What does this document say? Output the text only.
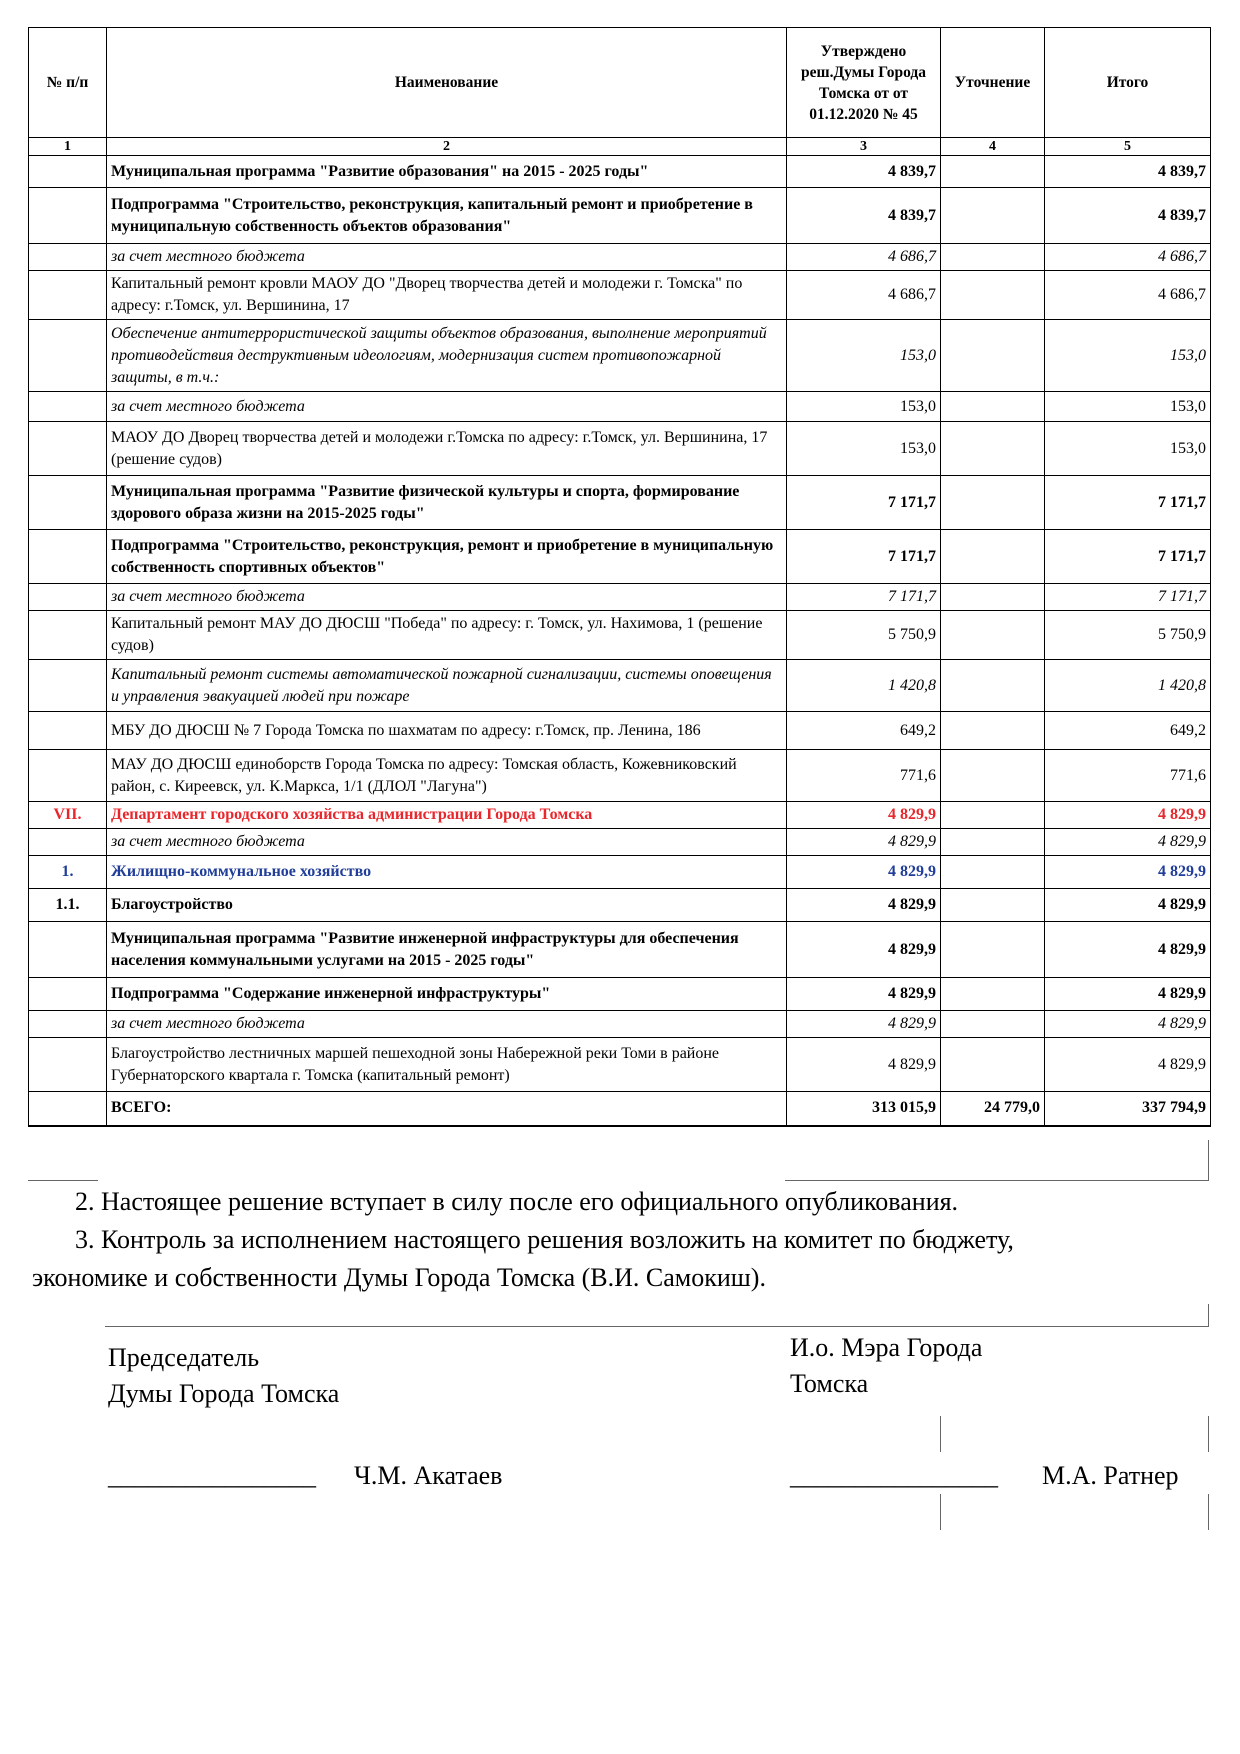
№ п/п	Наименование	Утверждено реш.Думы Города Томска от от 01.12.2020 № 45	Уточнение	Итого
1	2	3	4	5
	Муниципальная программа "Развитие образования" на 2015 - 2025 годы"	4 839,7		4 839,7
	Подпрограмма "Строительство, реконструкция, капитальный ремонт и приобретение в муниципальную собственность объектов образования"	4 839,7		4 839,7
	за счет местного бюджета	4 686,7		4 686,7
	Капитальный ремонт кровли МАОУ ДО "Дворец творчества детей и молодежи г. Томска" по адресу: г.Томск, ул. Вершинина, 17	4 686,7		4 686,7
	Обеспечение антитеррористической защиты объектов образования, выполнение мероприятий противодействия деструктивным идеологиям, модернизация систем противопожарной защиты, в т.ч.:	153,0		153,0
	за счет местного бюджета	153,0		153,0
	МАОУ ДО Дворец творчества детей и молодежи г.Томска по адресу: г.Томск, ул. Вершинина, 17 (решение судов)	153,0		153,0
	Муниципальная программа "Развитие физической культуры и спорта, формирование здорового образа жизни на 2015-2025 годы"	7 171,7		7 171,7
	Подпрограмма "Строительство, реконструкция, ремонт и приобретение в муниципальную собственность спортивных объектов"	7 171,7		7 171,7
	за счет местного бюджета	7 171,7		7 171,7
	Капитальный ремонт МАУ ДО ДЮСШ "Победа" по адресу: г. Томск, ул. Нахимова, 1 (решение судов)	5 750,9		5 750,9
	Капитальный ремонт системы автоматической пожарной сигнализации, системы оповещения и управления эвакуацией людей при пожаре	1 420,8		1 420,8
	МБУ ДО ДЮСШ № 7 Города Томска по шахматам по адресу: г.Томск, пр. Ленина, 186	649,2		649,2
	МАУ ДО ДЮСШ единоборств Города Томска по адресу: Томская область, Кожевниковский район, с. Киреевск, ул. К.Маркса, 1/1 (ДЛОЛ "Лагуна")	771,6		771,6
VII.	Департамент городского хозяйства администрации Города Томска	4 829,9		4 829,9
	за счет местного бюджета	4 829,9		4 829,9
1.	Жилищно-коммунальное хозяйство	4 829,9		4 829,9
1.1.	Благоустройство	4 829,9		4 829,9
	Муниципальная программа "Развитие инженерной инфраструктуры для обеспечения населения коммунальными услугами на 2015 - 2025 годы"	4 829,9		4 829,9
	Подпрограмма "Содержание инженерной инфраструктуры"	4 829,9		4 829,9
	за счет местного бюджета	4 829,9		4 829,9
	Благоустройство лестничных маршей пешеходной зоны Набережной реки Томи в районе Губернаторского квартала г. Томска (капитальный ремонт)	4 829,9		4 829,9
	ВСЕГО:	313 015,9	24 779,0	337 794,9
2. Настоящее решение вступает в силу после его официального опубликования.
3. Контроль за исполнением настоящего решения возложить на комитет по бюджету,
экономике и собственности Думы Города Томска (В.И. Самокиш).
Председатель
Думы Города Томска
И.о. Мэра Города
Томска
________________ Ч.М. Акатаев	________________ М.А. Ратнер
